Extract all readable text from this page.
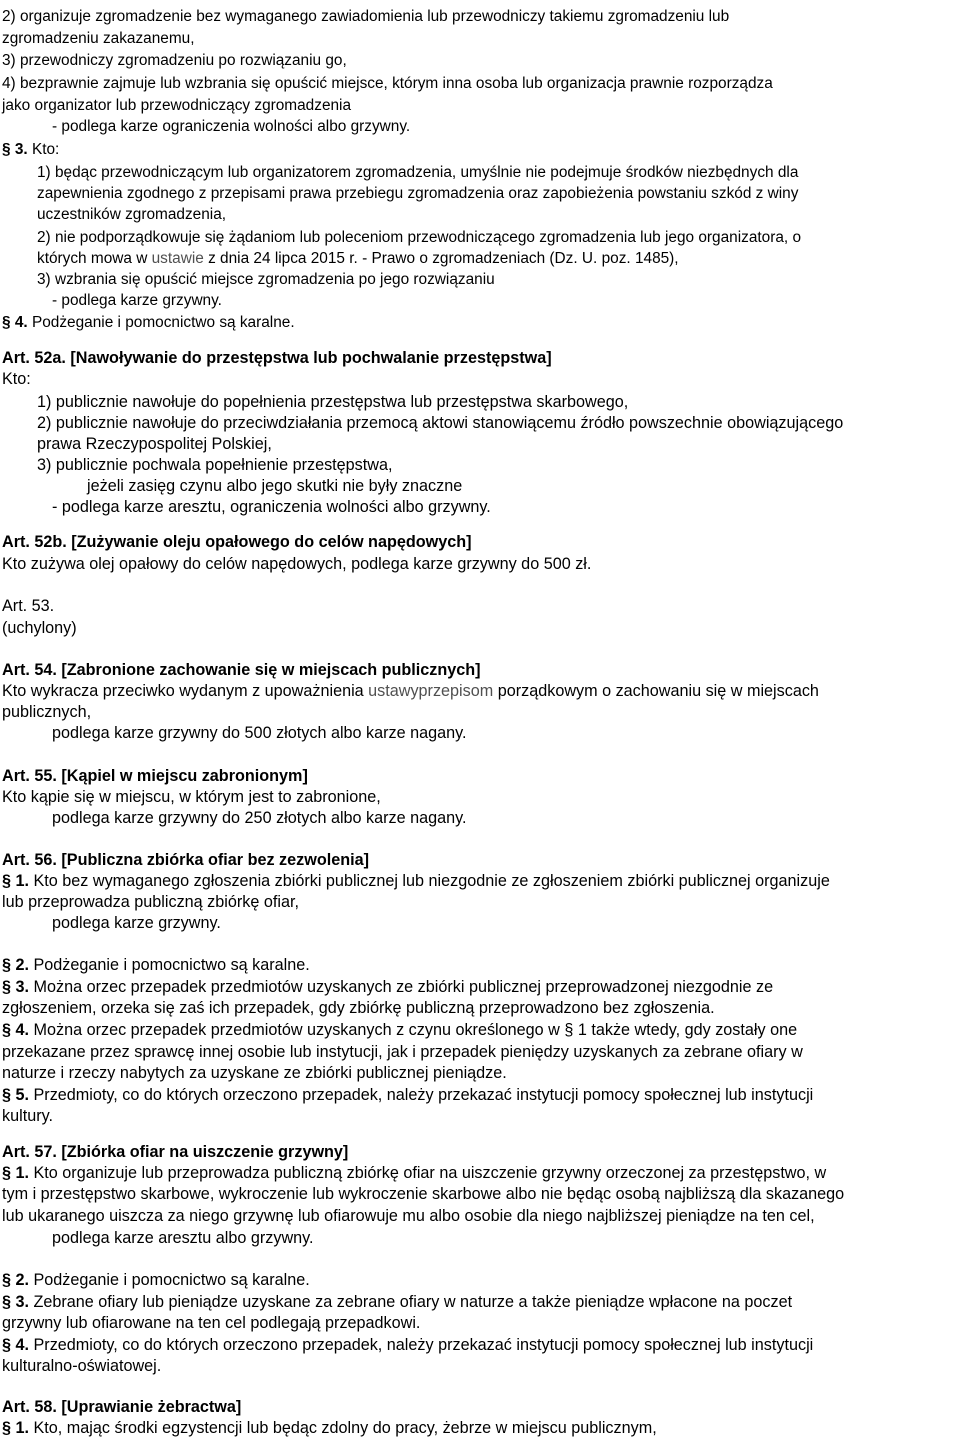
2) organizuje zgromadzenie bez wymaganego zawiadomienia lub przewodniczy takiemu zgromadzeniu lub
zgromadzeniu zakazanemu,
3) przewodniczy zgromadzeniu po rozwiązaniu go,
4) bezprawnie zajmuje lub wzbrania się opuścić miejsce, którym inna osoba lub organizacja prawnie rozporządza
jako organizator lub przewodniczący zgromadzenia
- podlega karze ograniczenia wolności albo grzywny.
§ 3. Kto:
1) będąc przewodniczącym lub organizatorem zgromadzenia, umyślnie nie podejmuje środków niezbędnych dla
zapewnienia zgodnego z przepisami prawa przebiegu zgromadzenia oraz zapobieżenia powstaniu szkód z winy
uczestników zgromadzenia,
2) nie podporządkowuje się żądaniom lub poleceniom przewodniczącego zgromadzenia lub jego organizatora, o
których mowa w ustawie z dnia 24 lipca 2015 r. - Prawo o zgromadzeniach (Dz. U. poz. 1485),
3) wzbrania się opuścić miejsce zgromadzenia po jego rozwiązaniu
- podlega karze grzywny.
§ 4. Podżeganie i pomocnictwo są karalne.
Art. 52a. [Nawoływanie do przestępstwa lub pochwalanie przestępstwa]
Kto:
1) publicznie nawołuje do popełnienia przestępstwa lub przestępstwa skarbowego,
2) publicznie nawołuje do przeciwdziałania przemocą aktowi stanowiącemu źródło powszechnie obowiązującego
prawa Rzeczypospolitej Polskiej,
3) publicznie pochwala popełnienie przestępstwa,
jeżeli zasięg czynu albo jego skutki nie były znaczne
- podlega karze aresztu, ograniczenia wolności albo grzywny.
Art. 52b. [Zużywanie oleju opałowego do celów napędowych]
Kto zużywa olej opałowy do celów napędowych, podlega karze grzywny do 500 zł.
Art. 53.
(uchylony)
Art. 54. [Zabronione zachowanie się w miejscach publicznych]
Kto wykracza przeciwko wydanym z upoważnienia ustawyprzepisom porządkowym o zachowaniu się w miejscach
publicznych,
podlega karze grzywny do 500 złotych albo karze nagany.
Art. 55. [Kąpiel w miejscu zabronionym]
Kto kąpie się w miejscu, w którym jest to zabronione,
podlega karze grzywny do 250 złotych albo karze nagany.
Art. 56. [Publiczna zbiórka ofiar bez zezwolenia]
§ 1. Kto bez wymaganego zgłoszenia zbiórki publicznej lub niezgodnie ze zgłoszeniem zbiórki publicznej organizuje
lub przeprowadza publiczną zbiórkę ofiar,
podlega karze grzywny.
§ 2. Podżeganie i pomocnictwo są karalne.
§ 3. Można orzec przepadek przedmiotów uzyskanych ze zbiórki publicznej przeprowadzonej niezgodnie ze
zgłoszeniem, orzeka się zaś ich przepadek, gdy zbiórkę publiczną przeprowadzono bez zgłoszenia.
§ 4. Można orzec przepadek przedmiotów uzyskanych z czynu określonego w § 1 także wtedy, gdy zostały one
przekazane przez sprawcę innej osobie lub instytucji, jak i przepadek pieniędzy uzyskanych za zebrane ofiary w
naturze i rzeczy nabytych za uzyskane ze zbiórki publicznej pieniądze.
§ 5. Przedmioty, co do których orzeczono przepadek, należy przekazać instytucji pomocy społecznej lub instytucji
kultury.
Art. 57. [Zbiórka ofiar na uiszczenie grzywny]
§ 1. Kto organizuje lub przeprowadza publiczną zbiórkę ofiar na uiszczenie grzywny orzeczonej za przestępstwo, w
tym i przestępstwo skarbowe, wykroczenie lub wykroczenie skarbowe albo nie będąc osobą najbliższą dla skazanego
lub ukaranego uiszcza za niego grzywnę lub ofiarowuje mu albo osobie dla niego najbliższej pieniądze na ten cel,
podlega karze aresztu albo grzywny.
§ 2. Podżeganie i pomocnictwo są karalne.
§ 3. Zebrane ofiary lub pieniądze uzyskane za zebrane ofiary w naturze a także pieniądze wpłacone na poczet
grzywny lub ofiarowane na ten cel podlegają przepadkowi.
§ 4. Przedmioty, co do których orzeczono przepadek, należy przekazać instytucji pomocy społecznej lub instytucji
kulturalno-oświatowej.
Art. 58. [Uprawianie żebractwa]
§ 1. Kto, mając środki egzystencji lub będąc zdolny do pracy, żebrze w miejscu publicznym,
